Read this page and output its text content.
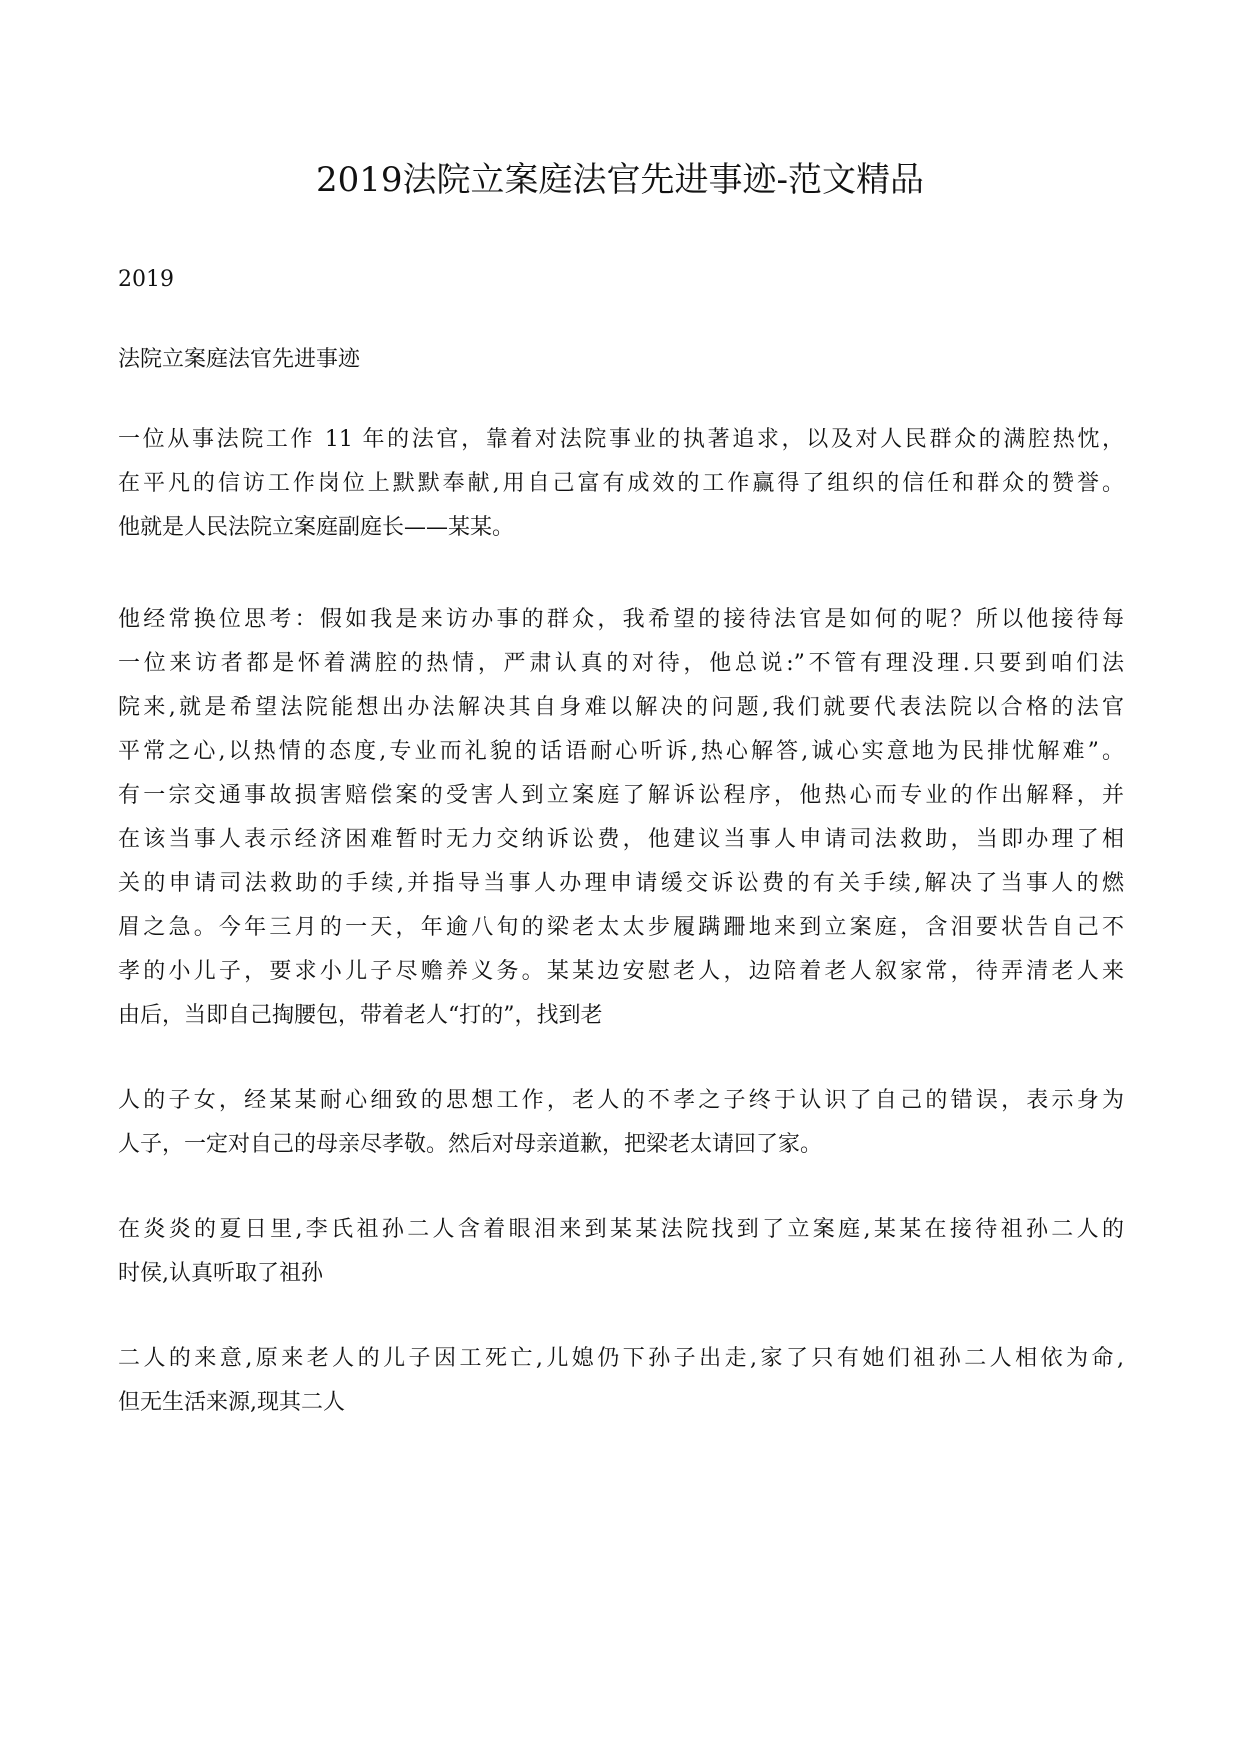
2019法院立案庭法官先进事迹-范文精品

2019

法院立案庭法官先进事迹

一位从事法院工作 11 年的法官，靠着对法院事业的执著追求，以及对人民群众的满腔热忱，
在平凡的信访工作岗位上默默奉献,用自己富有成效的工作赢得了组织的信任和群众的赞誉。
他就是人民法院立案庭副庭长——某某。
他经常换位思考：假如我是来访办事的群众，我希望的接待法官是如何的呢？所以他接待每
一位来访者都是怀着满腔的热情，严肃认真的对待，他总说:”不管有理没理.只要到咱们法
院来,就是希望法院能想出办法解决其自身难以解决的问题,我们就要代表法院以合格的法官
平常之心,以热情的态度,专业而礼貌的话语耐心听诉,热心解答,诚心实意地为民排忧解难”。
有一宗交通事故损害赔偿案的受害人到立案庭了解诉讼程序，他热心而专业的作出解释，并
在该当事人表示经济困难暂时无力交纳诉讼费，他建议当事人申请司法救助，当即办理了相
关的申请司法救助的手续,并指导当事人办理申请缓交诉讼费的有关手续,解决了当事人的燃
眉之急。今年三月的一天，年逾八旬的梁老太太步履蹒跚地来到立案庭，含泪要状告自己不
孝的小儿子，要求小儿子尽赡养义务。某某边安慰老人，边陪着老人叙家常，待弄清老人来
由后，当即自己掏腰包，带着老人“打的”，找到老
人的子女，经某某耐心细致的思想工作，老人的不孝之子终于认识了自己的错误，表示身为
人子，一定对自己的母亲尽孝敬。然后对母亲道歉，把梁老太请回了家。
在炎炎的夏日里,李氏祖孙二人含着眼泪来到某某法院找到了立案庭,某某在接待祖孙二人的
时侯,认真听取了祖孙
二人的来意,原来老人的儿子因工死亡,儿媳仍下孙子出走,家了只有她们祖孙二人相依为命,
但无生活来源,现其二人
